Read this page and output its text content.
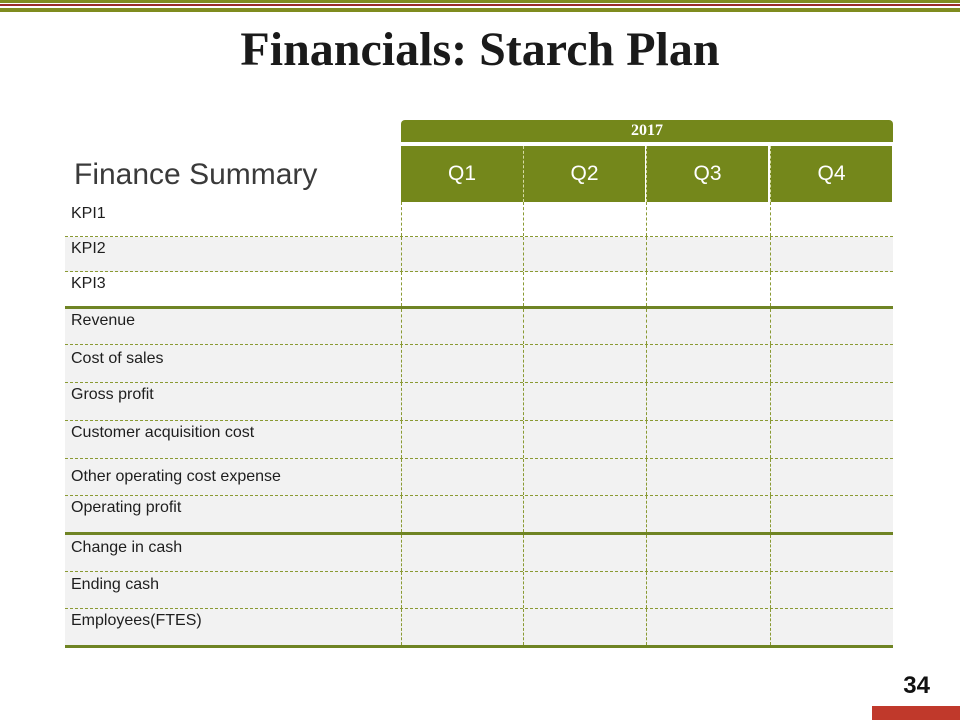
Financials: Starch Plan
2017
Finance Summary	Q1	Q2	Q3	Q4
KPI1
KPI2
KPI3
Revenue
Cost of sales
Gross profit
Customer acquisition cost
Other operating cost expense
Operating profit
Change in cash
Ending cash
Employees(FTES)
34
